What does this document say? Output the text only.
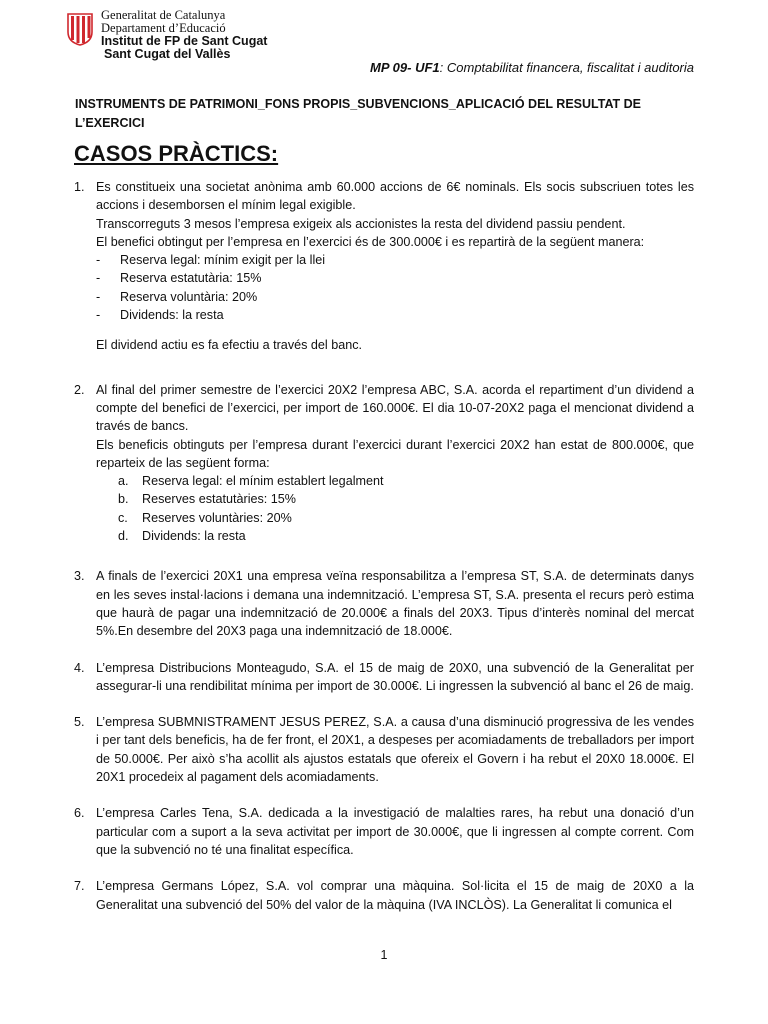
Generalitat de Catalunya
Departament d’Educació
Institut de FP de Sant Cugat
Sant Cugat del Vallès
MP 09- UF1: Comptabilitat financera, fiscalitat i auditoria
INSTRUMENTS DE PATRIMONI_FONS PROPIS_SUBVENCIONS_APLICACIÓ DEL RESULTAT DE L’EXERCICI
CASOS PRÀCTICS:
1. Es constitueix una societat anònima amb 60.000 accions de 6€ nominals. Els socis subscriuen totes les accions i desemborsen el mínim legal exigible.

Transcorreguts 3 mesos l’empresa exigeix als accionistes la resta del dividend passiu pendent.

El benefici obtingut per l’empresa en l’exercici és de 300.000€ i es repartirà de la següent manera:

- Reserva legal: mínim exigit per la llei
- Reserva estatutària: 15%
- Reserva voluntària: 20%
- Dividends: la resta

El dividend actiu es fa efectiu a través del banc.

2. Al final del primer semestre de l’exercici 20X2 l’empresa ABC, S.A. acorda el repartiment d’un dividend a compte del benefici de l’exercici, per import de 160.000€. El dia 10-07-20X2 paga el mencionat dividend a través de bancs.

Els beneficis obtinguts per l’empresa durant l’exercici durant l’exercici 20X2 han estat de 800.000€, que reparteix de las següent forma:

a. Reserva legal: el mínim establert legalment
b. Reserves estatutàries: 15%
c. Reserves voluntàries: 20%
d. Dividends: la resta
3. A finals de l’exercici 20X1 una empresa veïna responsabilitza a l’empresa ST, S.A. de determinats danys en les seves instal·lacions i demana una indemnització. L’empresa ST, S.A. presenta el recurs però estima que haurà de pagar una indemnització de 20.000€ a finals del 20X3. Tipus d’interès nominal del mercat 5%.En desembre del 20X3 paga una indemnització de 18.000€.

4. L’empresa Distribucions Monteagudo, S.A. el 15 de maig de 20X0, una subvenció de la Generalitat per assegurar-li una rendibilitat mínima per import de 30.000€. Li ingressen la subvenció al banc el 26 de maig.

5. L’empresa SUBMNISTRAMENT JESUS PEREZ, S.A. a causa d’una disminució progressiva de les vendes i per tant dels beneficis, ha de fer front, el 20X1, a despeses per acomiadaments de treballadors per import de 50.000€. Per això s’ha acollit als ajustos estatals que ofereix el Govern i ha rebut el 20X0 18.000€. El 20X1 procedeix al pagament dels acomiadaments.

6. L’empresa Carles Tena, S.A. dedicada a la investigació de malalties rares, ha rebut una donació d’un particular com a suport a la seva activitat per import de 30.000€, que li ingressen al compte corrent. Com que la subvenció no té una finalitat específica.

7. L’empresa Germans López, S.A. vol comprar una màquina. Sol·licita el 15 de maig de 20X0 a la Generalitat una subvenció del 50% del valor de la màquina (IVA INCLÒS). La Generalitat li comunica el

1
